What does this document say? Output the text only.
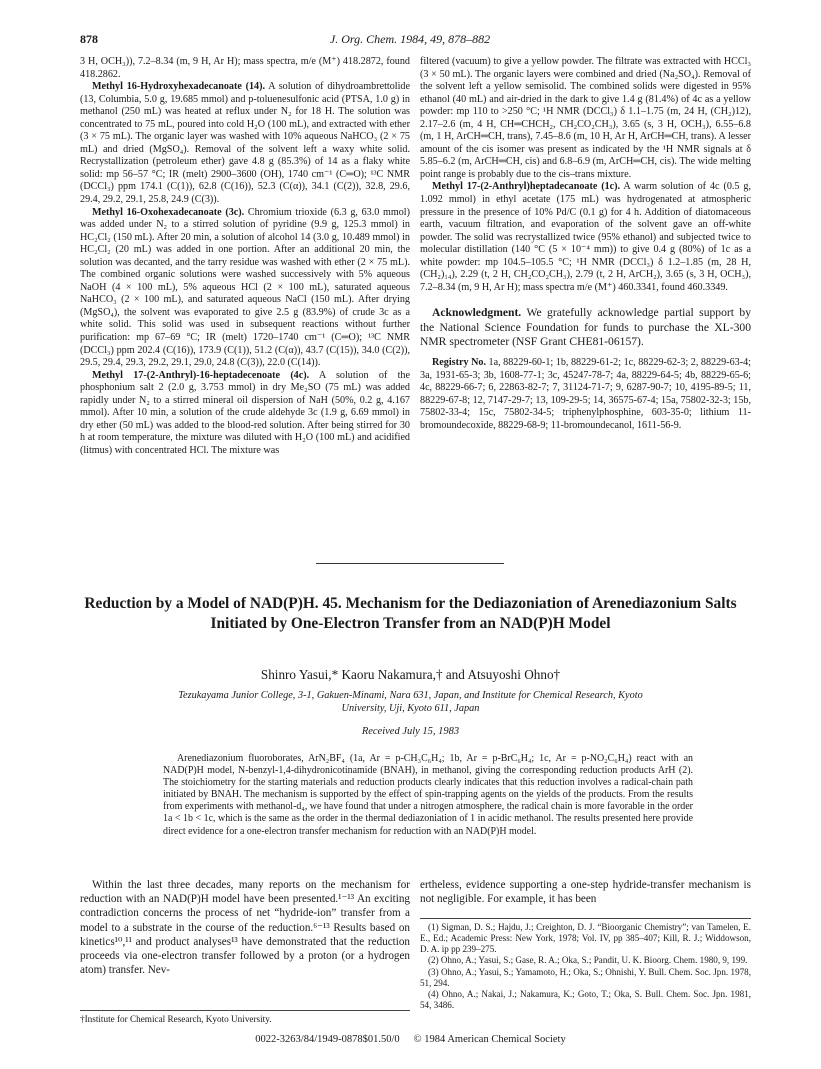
878	J. Org. Chem. 1984, 49, 878–882

3 H, OCH₃)), 7.2–8.34 (m, 9 H, Ar H); mass spectra, m/e (M⁺) 418.2872, found 418.2862.

Methyl 16-Hydroxyhexadecanoate (14). A solution of dihydroambrettolide (13, Columbia, 5.0 g, 19.685 mmol) and p-toluenesulfonic acid (PTSA, 1.0 g) in methanol (250 mL) was heated at reflux under N₂ for 18 H. The solution was concentrated to 75 mL, poured into cold H₂O (100 mL), and extracted with ether (3 × 75 mL). The organic layer was washed with 10% aqueous NaHCO₃ (2 × 75 mL) and dried (MgSO₄). Removal of the solvent left a waxy white solid. Recrystallization (petroleum ether) gave 4.8 g (85.3%) of 14 as a flaky white solid: mp 56–57 °C; IR (melt) 2900–3600 (OH), 1740 cm⁻¹ (C═O); ¹³C NMR (DCCl₃) ppm 174.1 (C(1)), 62.8 (C(16)), 52.3 (C(α)), 34.1 (C(2)), 32.8, 29.6, 29.4, 29.2, 29.1, 25.8, 24.9 (C(3)).

Methyl 16-Oxohexadecanoate (3c). Chromium trioxide (6.3 g, 63.0 mmol) was added under N₂ to a stirred solution of pyridine (9.9 g, 125.3 mmol) in HC₂Cl₂ (150 mL). After 20 min, a solution of alcohol 14 (3.0 g, 10.489 mmol) in HC₂Cl₂ (20 mL) was added in one portion. After an additional 20 min, the solution was decanted, and the tarry residue was washed with ether (2 × 75 mL). The combined organic solutions were washed successively with 5% aqueous NaOH (4 × 100 mL), 5% aqueous HCl (2 × 100 mL), saturated aqueous NaHCO₃ (2 × 100 mL), and saturated aqueous NaCl (150 mL). After drying (MgSO₄), the solvent was evaporated to give 2.5 g (83.9%) of crude 3c as a white solid. This solid was used in subsequent reactions without further purification: mp 67–69 °C; IR (melt) 1720–1740 cm⁻¹ (C═O); ¹³C NMR (DCCl₃) ppm 202.4 (C(16)), 173.9 (C(1)), 51.2 (C(α)), 43.7 (C(15)), 34.0 (C(2)), 29.5, 29.4, 29.3, 29.2, 29.1, 29.0, 24.8 (C(3)), 22.0 (C(14)).

Methyl 17-(2-Anthryl)-16-heptadecenoate (4c). A solution of the phosphonium salt 2 (2.0 g, 3.753 mmol) in dry Me₂SO (75 mL) was added rapidly under N₂ to a stirred mineral oil dispersion of NaH (50%, 0.2 g, 4.167 mmol). After 10 min, a solution of the crude aldehyde 3c (1.9 g, 6.69 mmol) in dry ether (50 mL) was added to the blood-red solution. After being stirred for 30 h at room temperature, the mixture was diluted with H₂O (100 mL) and acidified (litmus) with concentrated HCl. The mixture was

filtered (vacuum) to give a yellow powder. The filtrate was extracted with HCCl₃ (3 × 50 mL). The organic layers were combined and dried (Na₂SO₄). Removal of the solvent left a yellow semisolid. The combined solids were digested in 95% ethanol (40 mL) and air-dried in the dark to give 1.4 g (81.4%) of 4c as a yellow powder: mp 110 to >250 °C; ¹H NMR (DCCl₃) δ 1.1–1.75 (m, 24 H, (CH₂)12), 2.17–2.6 (m, 4 H, CH═CHCH₂, CH₂CO₂CH₃), 3.65 (s, 3 H, OCH₃), 6.55–6.8 (m, 1 H, ArCH═CH, trans), 7.45–8.6 (m, 10 H, Ar H, ArCH═CH, trans). A lesser amount of the cis isomer was present as indicated by the ¹H NMR signals at δ 5.85–6.2 (m, ArCH═CH, cis) and 6.8–6.9 (m, ArCH═CH, cis). The wide melting point range is probably due to the cis–trans mixture.

Methyl 17-(2-Anthryl)heptadecanoate (1c). A warm solution of 4c (0.5 g, 1.092 mmol) in ethyl acetate (175 mL) was hydrogenated at atmospheric pressure in the presence of 10% Pd/C (0.1 g) for 4 h. Addition of diatomaceous earth, vacuum filtration, and evaporation of the solvent gave an off-white powder. The solid was recrystallized twice (95% ethanol) and subjected twice to molecular distillation (140 °C (5 × 10⁻⁴ mm)) to give 0.4 g (80%) of 1c as a white powder: mp 104.5–105.5 °C; ¹H NMR (DCCl₃) δ 1.2–1.85 (m, 28 H, (CH₂)₁₄), 2.29 (t, 2 H, CH₂CO₂CH₃), 2.79 (t, 2 H, ArCH₂), 3.65 (s, 3 H, OCH₃), 7.2–8.34 (m, 9 H, Ar H); mass spectra m/e (M⁺) 460.3341, found 460.3349.

Acknowledgment. We gratefully acknowledge partial support by the National Science Foundation for funds to purchase the XL-300 NMR spectrometer (NSF Grant CHE81-06157).

Registry No. 1a, 88229-60-1; 1b, 88229-61-2; 1c, 88229-62-3; 2, 88229-63-4; 3a, 1931-65-3; 3b, 1608-77-1; 3c, 45247-78-7; 4a, 88229-64-5; 4b, 88229-65-6; 4c, 88229-66-7; 6, 22863-82-7; 7, 31124-71-7; 9, 6287-90-7; 10, 4195-89-5; 11, 88229-67-8; 12, 7147-29-7; 13, 109-29-5; 14, 36575-67-4; 15a, 75802-32-3; 15b, 75802-33-4; 15c, 75802-34-5; triphenylphosphine, 603-35-0; lithium 11-bromoundecoxide, 88229-68-9; 11-bromoundecanol, 1611-56-9.

Reduction by a Model of NAD(P)H. 45. Mechanism for the Dediazoniation of Arenediazonium Salts Initiated by One-Electron Transfer from an NAD(P)H Model
Shinro Yasui,* Kaoru Nakamura,† and Atsuyoshi Ohno†
Tezukayama Junior College, 3-1, Gakuen-Minami, Nara 631, Japan, and Institute for Chemical Research, Kyoto University, Uji, Kyoto 611, Japan
Received July 15, 1983

Arenediazonium fluoroborates, ArN₂BF₄ (1a, Ar = p-CH₃C₆H₄; 1b, Ar = p-BrC₆H₄; 1c, Ar = p-NO₂C₆H₄) react with an NAD(P)H model, N-benzyl-1,4-dihydronicotinamide (BNAH), in methanol, giving the corresponding reduction products ArH (2). The stoichiometry for the starting materials and reduction products clearly indicates that this reduction involves a radical-chain path initiated by BNAH. The mechanism is supported by the effect of spin-trapping agents on the yields of the products. From the results from experiments with methanol-d₄, we have found that under a nitrogen atmosphere, the radical chain is more favorable in the order 1a < 1b < 1c, which is the same as the order in the thermal dediazoniation of 1 in acidic methanol. The results presented here provide direct evidence for a one-electron transfer mechanism for reduction with an NAD(P)H model.

Within the last three decades, many reports on the mechanism for reduction with an NAD(P)H model have been presented.¹⁻¹³ An exciting contradiction concerns the process of net “hydride-ion” transfer from a model to a substrate in the course of the reduction.⁶⁻¹³ Results based on kinetics¹⁰,¹¹ and product analyses¹³ have demonstrated that the reduction proceeds via one-electron transfer followed by a proton (or a hydrogen atom) transfer. Nev-

ertheless, evidence supporting a one-step hydride-transfer mechanism is not negligible. For example, it has been

(1) Sigman, D. S.; Hajdu, J.; Creighton, D. J. “Bioorganic Chemistry”; van Tamelen, E. E., Ed.; Academic Press: New York, 1978; Vol. IV, pp 385–407; Kill, R. J.; Widdowson, D. A. ip pp 239–275.
(2) Ohno, A.; Yasui, S.; Gase, R. A.; Oka, S.; Pandit, U. K. Bioorg. Chem. 1980, 9, 199.
(3) Ohno, A.; Yasui, S.; Yamamoto, H.; Oka, S.; Ohnishi, Y. Bull. Chem. Soc. Jpn. 1978, 51, 294.
(4) Ohno, A.; Nakai, J.; Nakamura, K.; Goto, T.; Oka, S. Bull. Chem. Soc. Jpn. 1981, 54, 3486.
†Institute for Chemical Research, Kyoto University.
0022-3263/84/1949-0878$01.50/0 © 1984 American Chemical Society
